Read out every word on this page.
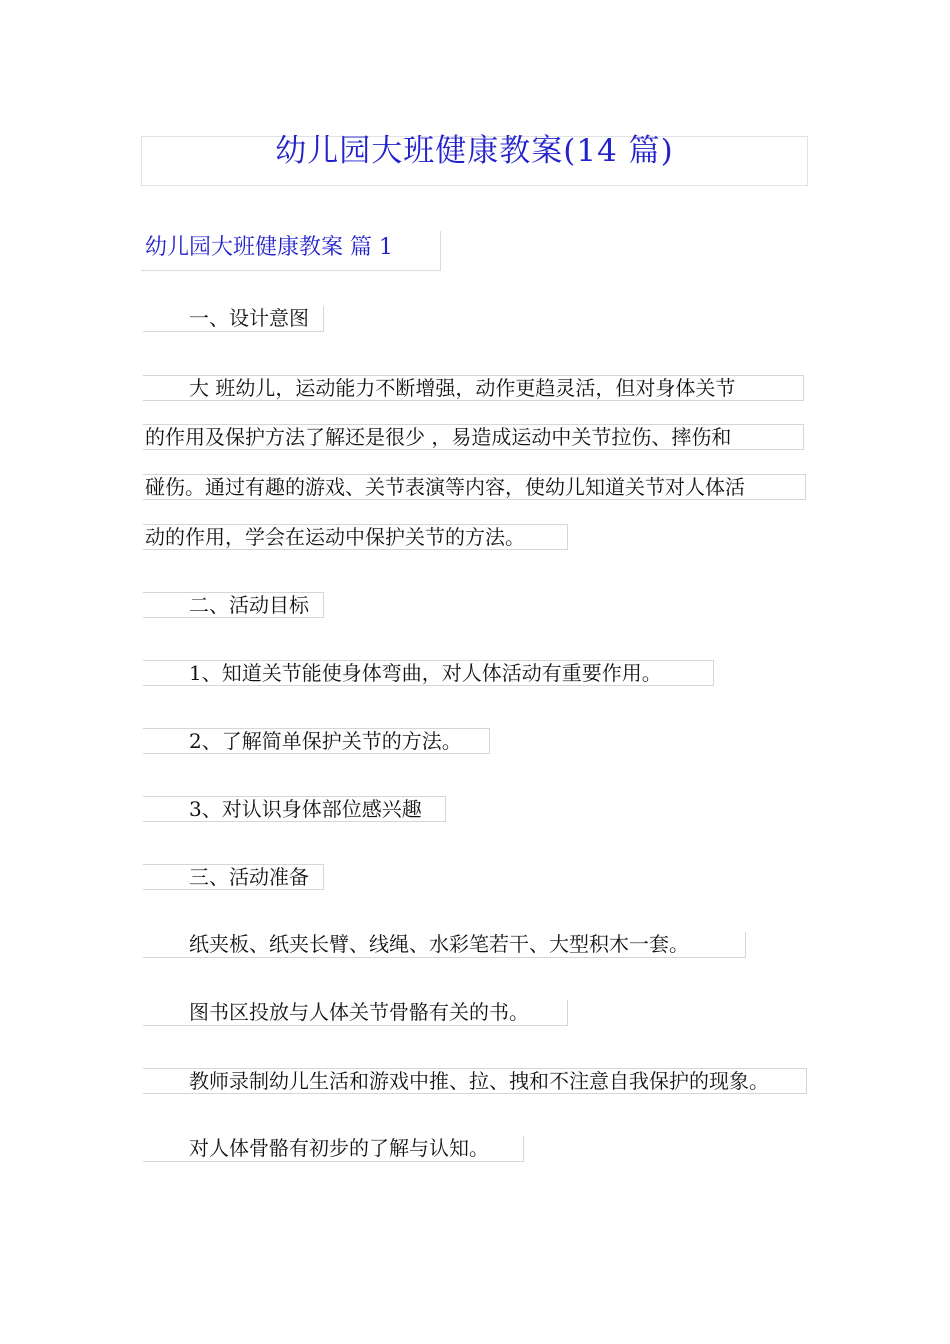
幼儿园大班健康教案(14 篇)
幼儿园大班健康教案 篇 1
一、设计意图
大 班幼儿，运动能力不断增强，动作更趋灵活，但对身体关节
的作用及保护方法了解还是很少 ，易造成运动中关节拉伤、摔伤和
碰伤。通过有趣的游戏、关节表演等内容，使幼儿知道关节对人体活
动的作用，学会在运动中保护关节的方法。
二、活动目标
1、知道关节能使身体弯曲，对人体活动有重要作用。
2、了解简单保护关节的方法。
3、对认识身体部位感兴趣
三、活动准备
纸夹板、纸夹长臂、线绳、水彩笔若干、大型积木一套。
图书区投放与人体关节骨骼有关的书。
教师录制幼儿生活和游戏中推、拉、拽和不注意自我保护的现象。
对人体骨骼有初步的了解与认知。
